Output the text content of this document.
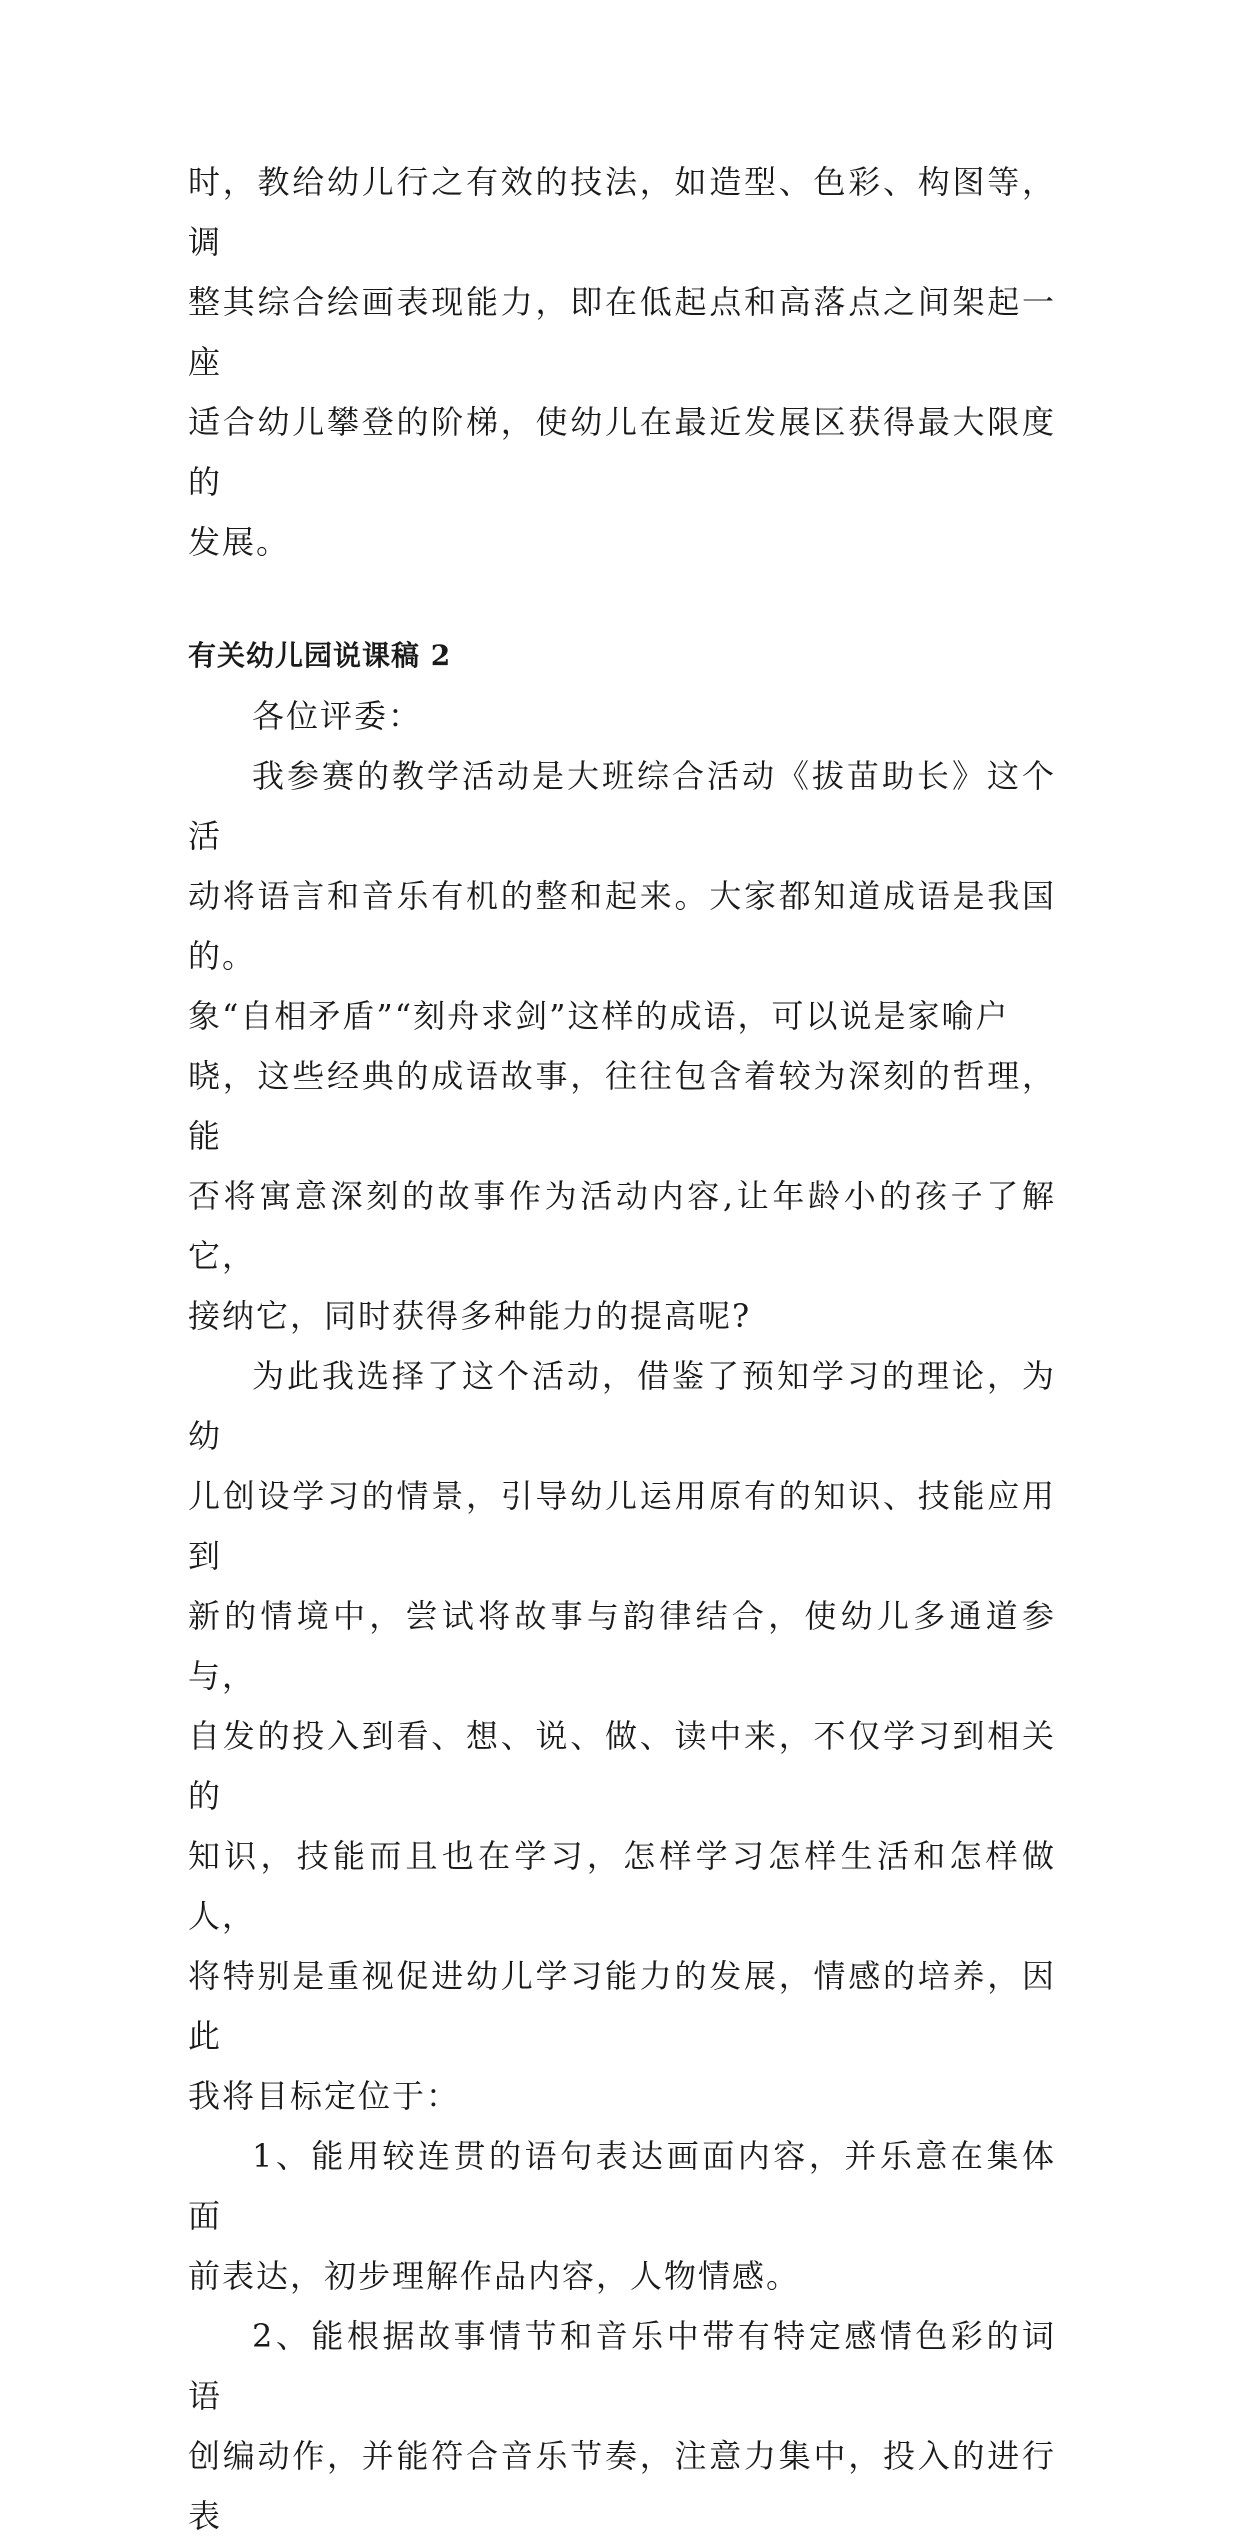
时，教给幼儿行之有效的技法，如造型、色彩、构图等，调
整其综合绘画表现能力，即在低起点和高落点之间架起一座
适合幼儿攀登的阶梯，使幼儿在最近发展区获得最大限度的
发展。

有关幼儿园说课稿 2

各位评委：

我参赛的教学活动是大班综合活动《拔苗助长》这个活
动将语言和音乐有机的整和起来。大家都知道成语是我国的。
象“自相矛盾”“刻舟求剑”这样的成语，可以说是家喻户
晓，这些经典的成语故事，往往包含着较为深刻的哲理，能
否将寓意深刻的故事作为活动内容,让年龄小的孩子了解它，
接纳它，同时获得多种能力的提高呢?

为此我选择了这个活动，借鉴了预知学习的理论，为幼
儿创设学习的情景，引导幼儿运用原有的知识、技能应用到
新的情境中，尝试将故事与韵律结合，使幼儿多通道参与，
自发的投入到看、想、说、做、读中来，不仅学习到相关的
知识，技能而且也在学习，怎样学习怎样生活和怎样做人，
将特别是重视促进幼儿学习能力的发展，情感的培养，因此
我将目标定位于：

1、能用较连贯的语句表达画面内容，并乐意在集体面
前表达，初步理解作品内容，人物情感。

2、能根据故事情节和音乐中带有特定感情色彩的词语
创编动作，并能符合音乐节奏，注意力集中，投入的进行表
